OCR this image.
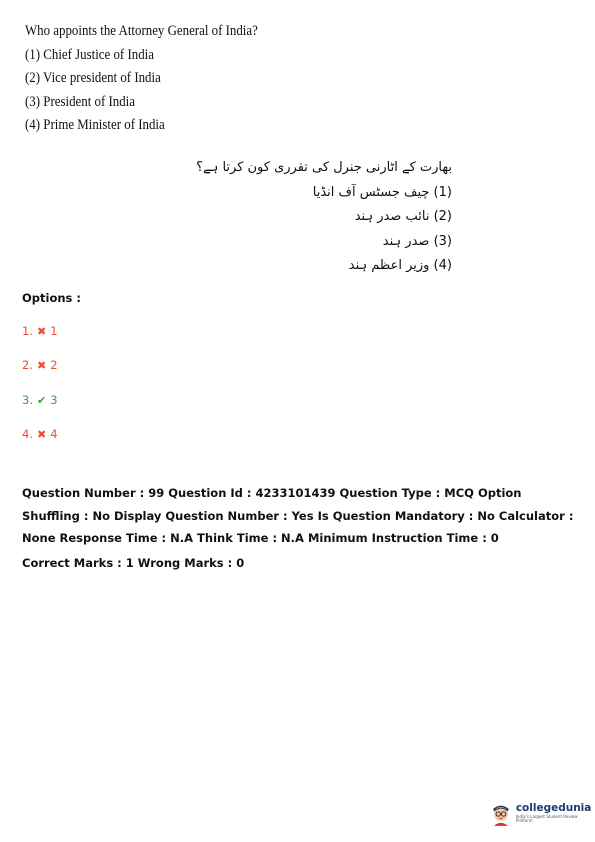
Who appoints the Attorney General of India?
(1) Chief Justice of India
(2) Vice president of India
(3) President of India
(4) Prime Minister of India
بھارت کے اٹارنی جنرل کی تقرری کون کرتا ہے؟
(1) چیف جسٹس آف انڈیا
(2) نائب صدر ہند
(3) صدر ہند
(4) وزیر اعظم ہند
Options :
1. ✖ 1
2. ✖ 2
3. ✔ 3
4. ✖ 4

Question Number : 99 Question Id : 4233101439 Question Type : MCQ Option Shuffling : No Display Question Number : Yes Is Question Mandatory : No Calculator : None Response Time : N.A Think Time : N.A Minimum Instruction Time : 0

Correct Marks : 1 Wrong Marks : 0
collegedunia
India's Largest Student Review Platform
